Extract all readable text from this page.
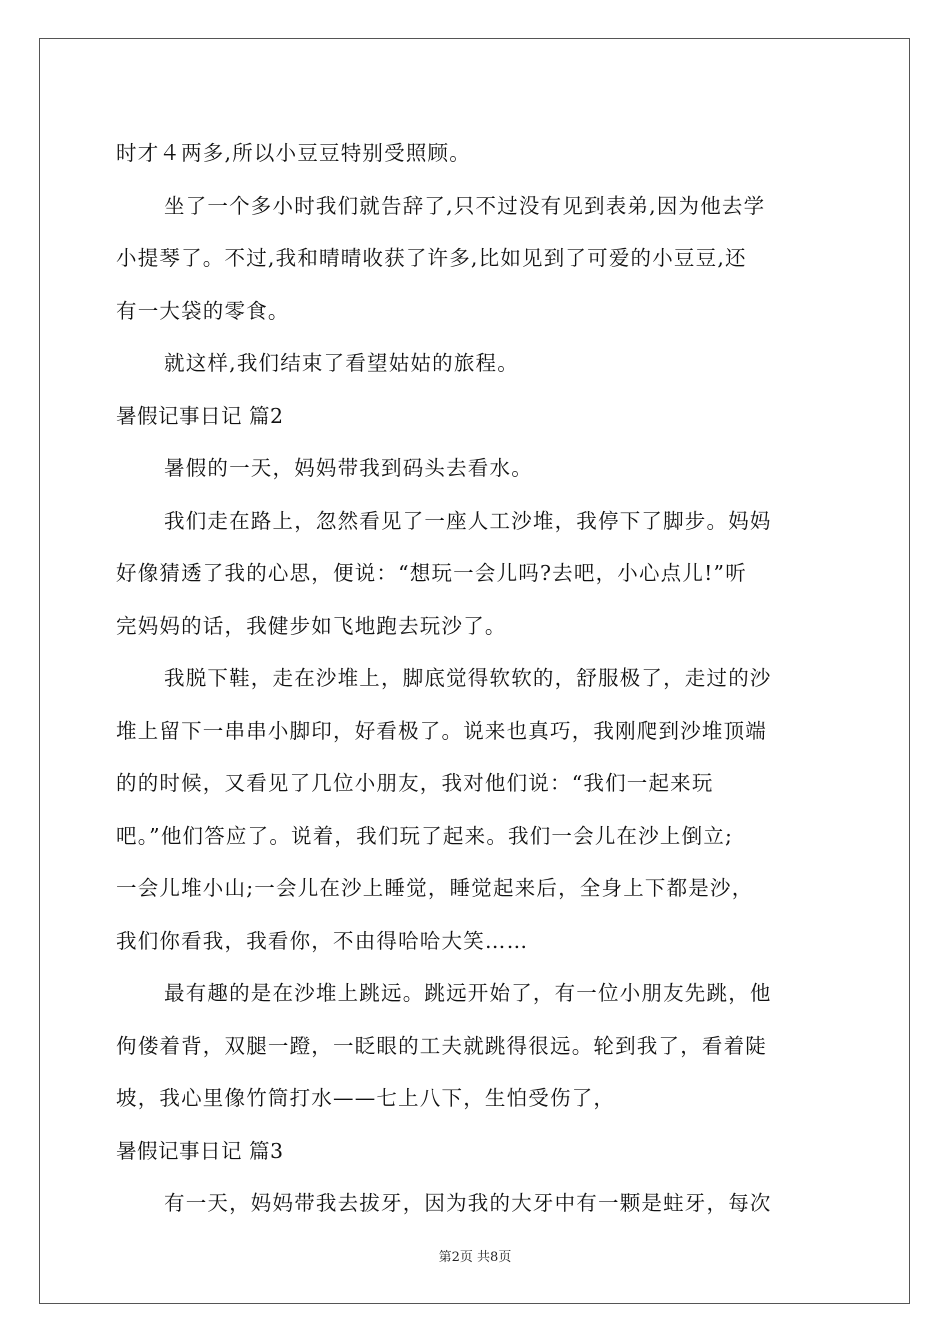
时才４两多,所以小豆豆特别受照顾。
坐了一个多小时我们就告辞了,只不过没有见到表弟,因为他去学
小提琴了。不过,我和晴晴收获了许多,比如见到了可爱的小豆豆,还
有一大袋的零食。
就这样,我们结束了看望姑姑的旅程。
暑假记事日记 篇2
暑假的一天，妈妈带我到码头去看水。
我们走在路上，忽然看见了一座人工沙堆，我停下了脚步。妈妈
好像猜透了我的心思，便说：“想玩一会儿吗?去吧，小心点儿!”听
完妈妈的话，我健步如飞地跑去玩沙了。
我脱下鞋，走在沙堆上，脚底觉得软软的，舒服极了，走过的沙
堆上留下一串串小脚印，好看极了。说来也真巧，我刚爬到沙堆顶端
的的时候，又看见了几位小朋友，我对他们说：“我们一起来玩
吧。”他们答应了。说着，我们玩了起来。我们一会儿在沙上倒立;
一会儿堆小山;一会儿在沙上睡觉，睡觉起来后，全身上下都是沙，
我们你看我，我看你，不由得哈哈大笑……
最有趣的是在沙堆上跳远。跳远开始了，有一位小朋友先跳，他
佝偻着背，双腿一蹬，一眨眼的工夫就跳得很远。轮到我了，看着陡
坡，我心里像竹筒打水——七上八下，生怕受伤了，
暑假记事日记 篇3
有一天，妈妈带我去拔牙，因为我的大牙中有一颗是蛀牙，每次
第2页 共8页
